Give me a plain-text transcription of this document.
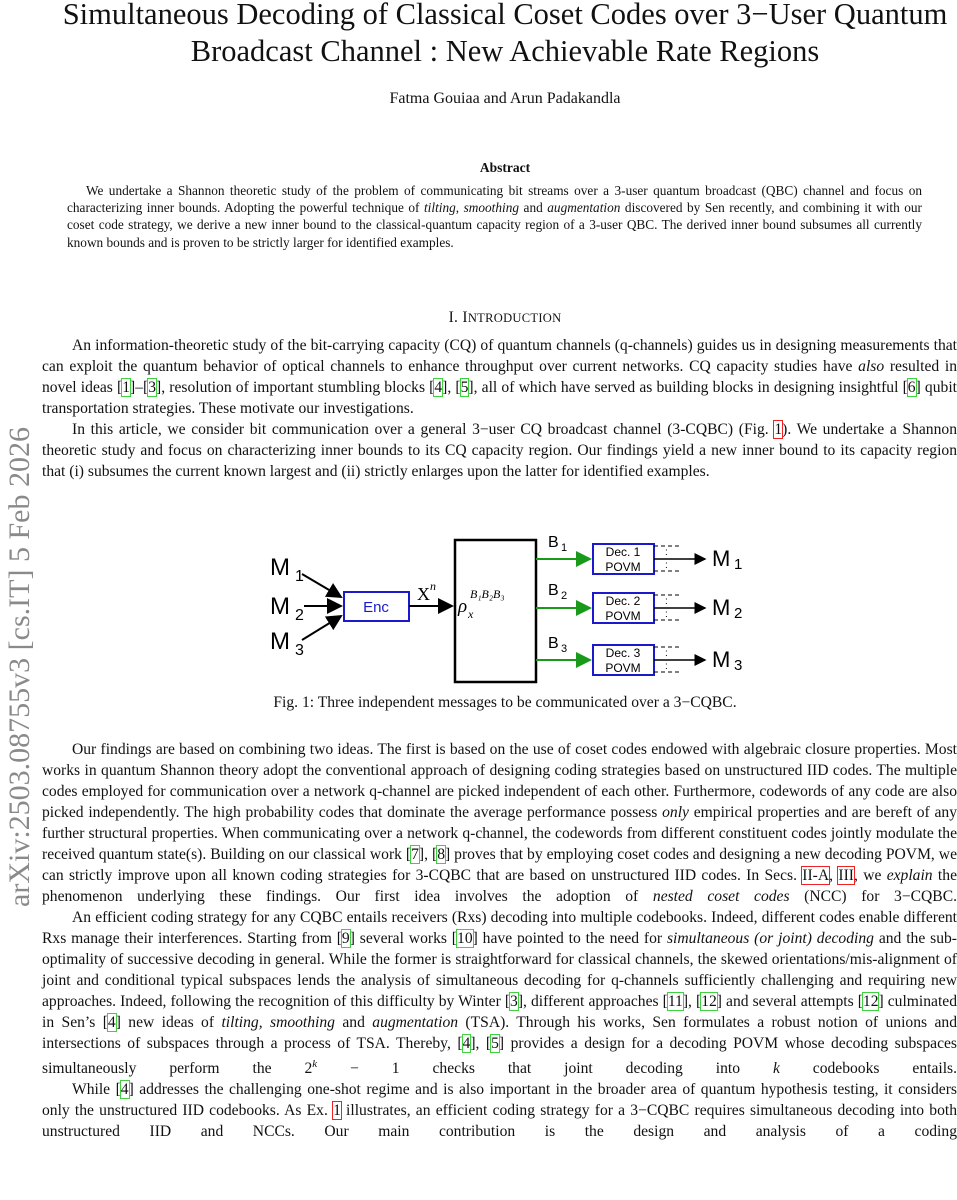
arXiv:2503.08755v3 [cs.IT] 5 Feb 2026
Simultaneous Decoding of Classical Coset Codes over 3−User Quantum Broadcast Channel : New Achievable Rate Regions
Fatma Gouiaa and Arun Padakandla
Abstract

We undertake a Shannon theoretic study of the problem of communicating bit streams over a 3-user quantum broadcast (QBC) channel and focus on characterizing inner bounds. Adopting the powerful technique of tilting, smoothing and augmentation discovered by Sen recently, and combining it with our coset code strategy, we derive a new inner bound to the classical-quantum capacity region of a 3-user QBC. The derived inner bound subsumes all currently known bounds and is proven to be strictly larger for identified examples.

I. INTRODUCTION

An information-theoretic study of the bit-carrying capacity (CQ) of quantum channels (q-channels) guides us in designing measurements that can exploit the quantum behavior of optical channels to enhance throughput over current networks. CQ capacity studies have also resulted in novel ideas [1]–[3], resolution of important stumbling blocks [4], [5], all of which have served as building blocks in designing insightful [6] qubit transportation strategies. These motivate our investigations.

In this article, we consider bit communication over a general 3−user CQ broadcast channel (3-CQBC) (Fig. 1). We undertake a Shannon theoretic study and focus on characterizing inner bounds to its CQ capacity region. Our findings yield a new inner bound to its capacity region that (i) subsumes the current known largest and (ii) strictly enlarges upon the latter for identified examples.

M 1
M 2
M 3
Enc
X n
ρ x
B₁B₂B₃
B 1	Dec. 1
POVM
:
: M 1
B 2	Dec. 2
POVM
:
: M 2
B 3	Dec. 3
POVM
:
: M 3
Fig. 1: Three independent messages to be communicated over a 3−CQBC.

Our findings are based on combining two ideas. The first is based on the use of coset codes endowed with algebraic closure properties. Most works in quantum Shannon theory adopt the conventional approach of designing coding strategies based on unstructured IID codes. The multiple codes employed for communication over a network q-channel are picked independent of each other. Furthermore, codewords of any code are also picked independently. The high probability codes that dominate the average performance possess only empirical properties and are bereft of any further structural properties. When communicating over a network q-channel, the codewords from different constituent codes jointly modulate the received quantum state(s). Building on our classical work [7], [8] proves that by employing coset codes and designing a new decoding POVM, we can strictly improve upon all known coding strategies for 3-CQBC that are based on unstructured IID codes. In Secs. II-A, III, we explain the phenomenon underlying these findings. Our first idea involves the adoption of nested coset codes (NCC) for 3−CQBC.

An efficient coding strategy for any CQBC entails receivers (Rxs) decoding into multiple codebooks. Indeed, different codes enable different Rxs manage their interferences. Starting from [9] several works [10] have pointed to the need for simultaneous (or joint) decoding and the sub-optimality of successive decoding in general. While the former is straightforward for classical channels, the skewed orientations/mis-alignment of joint and conditional typical subspaces lends the analysis of simultaneous decoding for q-channels sufficiently challenging and requiring new approaches. Indeed, following the recognition of this difficulty by Winter [3], different approaches [11], [12] and several attempts [12] culminated in Sen’s [4] new ideas of tilting, smoothing and augmentation (TSA). Through his works, Sen formulates a robust notion of unions and intersections of subspaces through a process of TSA. Thereby, [4], [5] provides a design for a decoding POVM whose decoding subspaces simultaneously perform the $2^k - 1$ checks that joint decoding into k codebooks entails.

While [4] addresses the challenging one-shot regime and is also important in the broader area of quantum hypothesis testing, it considers only the unstructured IID codebooks. As Ex. 1 illustrates, an efficient coding strategy for a 3−CQBC requires simultaneous decoding into both unstructured IID and NCCs. Our main contribution is the design and analysis of a coding
